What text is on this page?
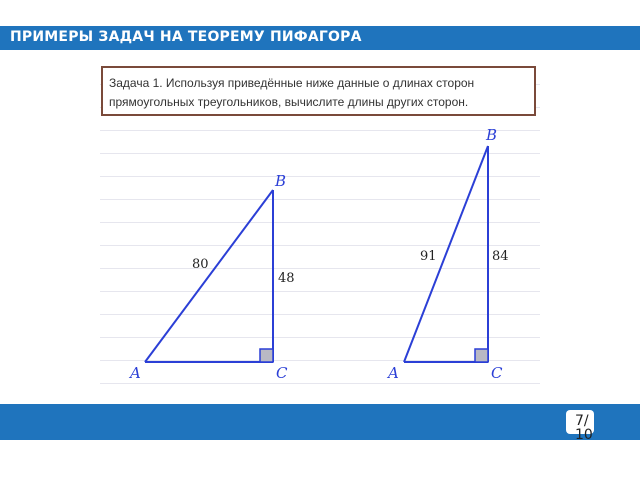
ПРИМЕРЫ ЗАДАЧ НА ТЕОРЕМУ ПИФАГОРА
Задача 1. Используя приведённые ниже данные о длинах сторон
прямоугольных треугольников, вычислите длины других сторон.
B
A	C
80
48
B
A	C
91	84
7/10
